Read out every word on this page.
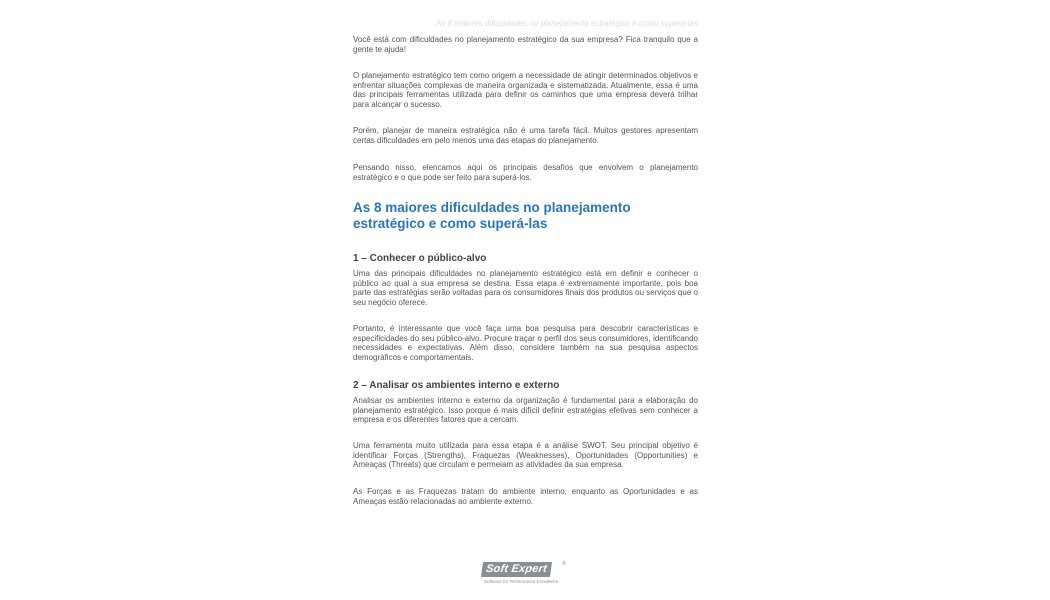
As 8 maiores dificuldades no planejamento estratégico e como superá-las

Você está com dificuldades no planejamento estratégico da sua empresa? Fica tranquilo que a gente te ajuda!

O planejamento estratégico tem como origem a necessidade de atingir determinados objetivos e enfrentar situações complexas de maneira organizada e sistematizada. Atualmente, essa é uma das principais ferramentas utilizada para definir os caminhos que uma empresa deverá trilhar para alcançar o sucesso.

Porém, planejar de maneira estratégica não é uma tarefa fácil. Muitos gestores apresentam certas dificuldades em pelo menos uma das etapas do planejamento.

Pensando nisso, elencamos aqui os principais desafios que envolvem o planejamento estratégico e o que pode ser feito para superá-los.

As 8 maiores dificuldades no planejamento estratégico e como superá-las
1 – Conhecer o público-alvo

Uma das principais dificuldades no planejamento estratégico está em definir e conhecer o público ao qual a sua empresa se destina. Essa etapa é extremamente importante, pois boa parte das estratégias serão voltadas para os consumidores finais dos produtos ou serviços que o seu negócio oferece.

Portanto, é interessante que você faça uma boa pesquisa para descobrir características e especificidades do seu público-alvo. Procure traçar o perfil dos seus consumidores, identificando necessidades e expectativas. Além disso, considere também na sua pesquisa aspectos demográficos e comportamentais.

2 – Analisar os ambientes interno e externo

Analisar os ambientes interno e externo da organização é fundamental para a elaboração do planejamento estratégico. Isso porque é mais difícil definir estratégias efetivas sem conhecer a empresa e os diferentes fatores que a cercam.

Uma ferramenta muito utilizada para essa etapa é a análise SWOT. Seu principal objetivo é identificar Forças (Strengths), Fraquezas (Weaknesses), Oportunidades (Opportunities) e Ameaças (Threats) que circulam e permeiam as atividades da sua empresa.

As Forças e as Fraquezas tratam do ambiente interno, enquanto as Oportunidades e as Ameaças estão relacionadas ao ambiente externo.

Soft Expert	®
Software for Performance Excellence
